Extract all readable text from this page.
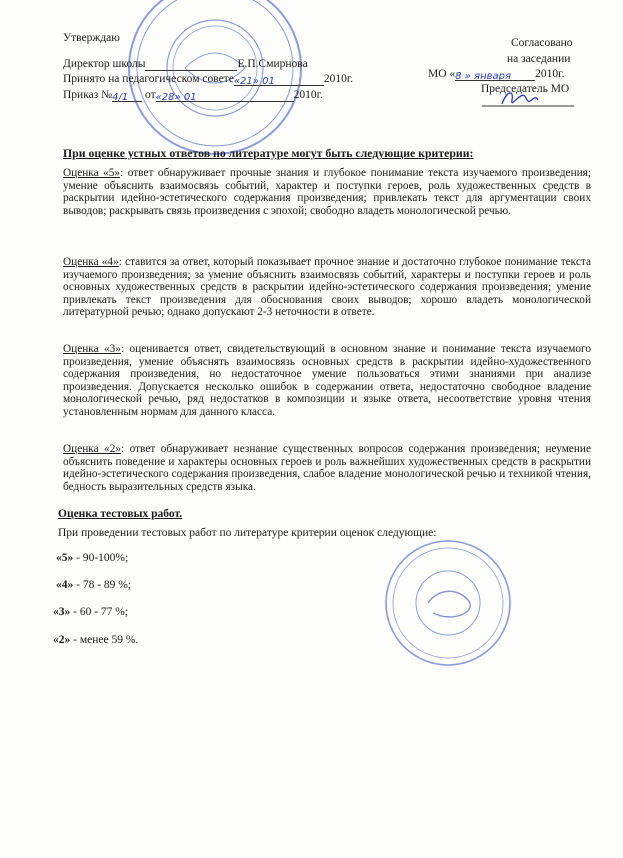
Утверждаю
Директор школы	Е.П.Смирнова
Принято на педагогическом совете«21» 01	2010г.
Приказ №4/1 от«28» 01	2010г.
Согласовано
на заседании
МО «8 » января 2010г.
Председатель МО
При оценке устных ответов по литературе могут быть следующие критерии:

Оценка «5»: ответ обнаруживает прочные знания и глубокое понимание текста изучаемого произведения; умение объяснить взаимосвязь событий, характер и поступки героев, роль художественных средств в раскрытии идейно-эстетического содержания произведения; привлекать текст для аргументации своих выводов; раскрывать связь произведения с эпохой; свободно владеть монологической речью.

Оценка «4»: ставится за ответ, который показывает прочное знание и достаточно глубокое понимание текста изучаемого произведения; за умение объяснить взаимосвязь событий, характеры и поступки героев и роль основных художественных средств в раскрытии идейно-эстетического содержания произведения; умение привлекать текст произведения для обоснования своих выводов; хорошо владеть монологической литературной речью; однако допускают 2-3 неточности в ответе.

Оценка «3»: оценивается ответ, свидетельствующий в основном знание и понимание текста изучаемого произведения, умение объяснять взаимосвязь основных средств в раскрытии идейно-художественного содержания произведения, но недостаточное умение пользоваться этими знаниями при анализе произведения. Допускается несколько ошибок в содержании ответа, недостаточно свободное владение монологической речью, ряд недостатков в композиции и языке ответа, несоответствие уровня чтения установленным нормам для данного класса.

Оценка «2»: ответ обнаруживает незнание существенных вопросов содержания произведения; неумение объяснить поведение и характеры основных героев и роль важнейших художественных средств в раскрытии идейно-эстетического содержания произведения, слабое владение монологической речью и техникой чтения, бедность выразительных средств языка.

Оценка тестовых работ.
При проведении тестовых работ по литературе критерии оценок следующие:
«5» - 90-100%;
«4» - 78 - 89 %;
«3» - 60 - 77 %;
«2» - менее 59 %.
